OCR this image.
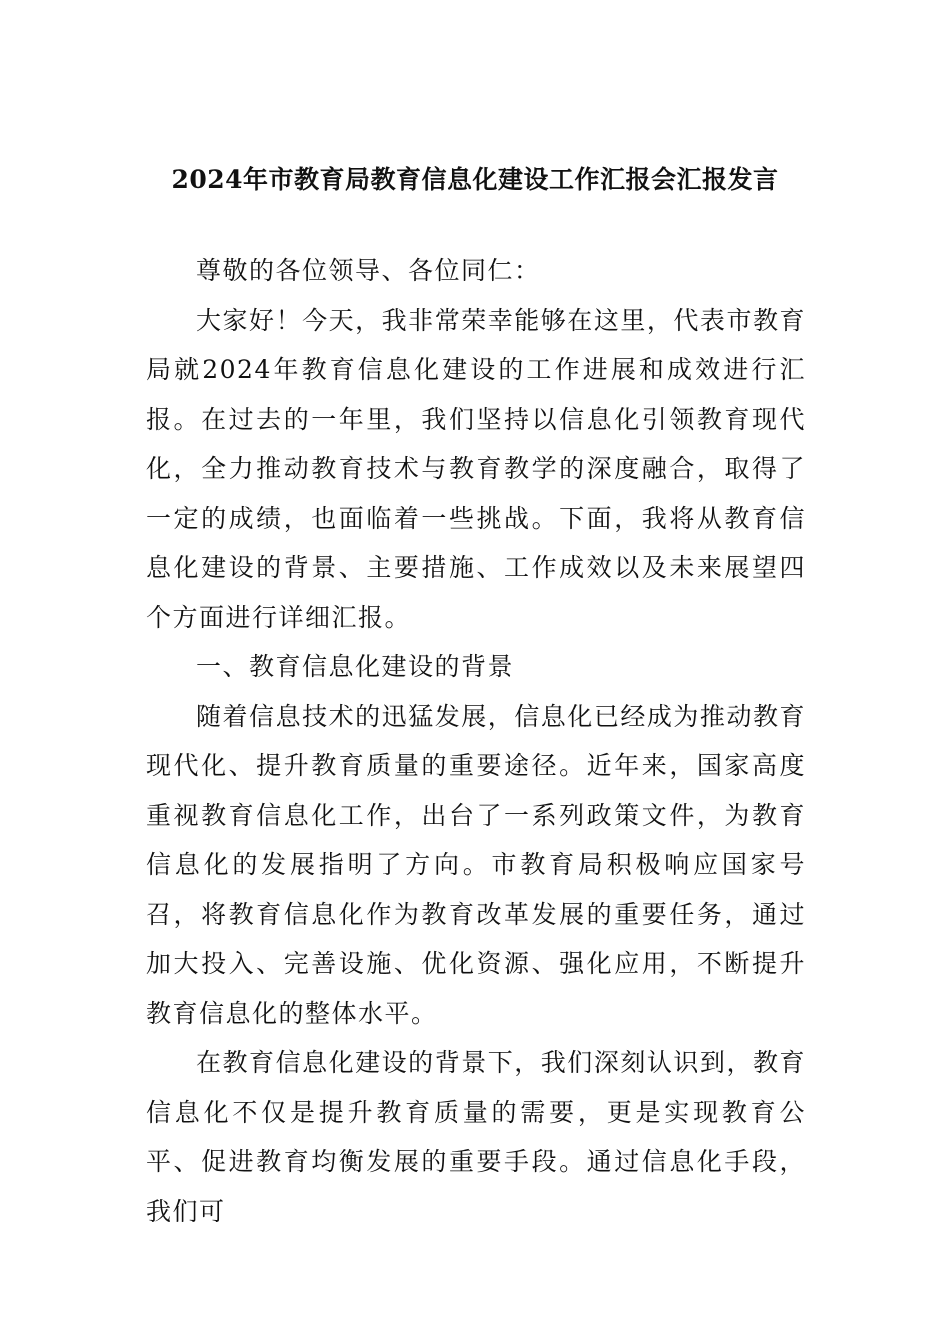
2024年市教育局教育信息化建设工作汇报会汇报发言

尊敬的各位领导、各位同仁：

大家好！今天，我非常荣幸能够在这里，代表市教育局就2024年教育信息化建设的工作进展和成效进行汇报。在过去的一年里，我们坚持以信息化引领教育现代化，全力推动教育技术与教育教学的深度融合，取得了一定的成绩，也面临着一些挑战。下面，我将从教育信息化建设的背景、主要措施、工作成效以及未来展望四个方面进行详细汇报。

一、教育信息化建设的背景

随着信息技术的迅猛发展，信息化已经成为推动教育现代化、提升教育质量的重要途径。近年来，国家高度重视教育信息化工作，出台了一系列政策文件，为教育信息化的发展指明了方向。市教育局积极响应国家号召，将教育信息化作为教育改革发展的重要任务，通过加大投入、完善设施、优化资源、强化应用，不断提升教育信息化的整体水平。

在教育信息化建设的背景下，我们深刻认识到，教育信息化不仅是提升教育质量的需要，更是实现教育公平、促进教育均衡发展的重要手段。通过信息化手段，我们可
